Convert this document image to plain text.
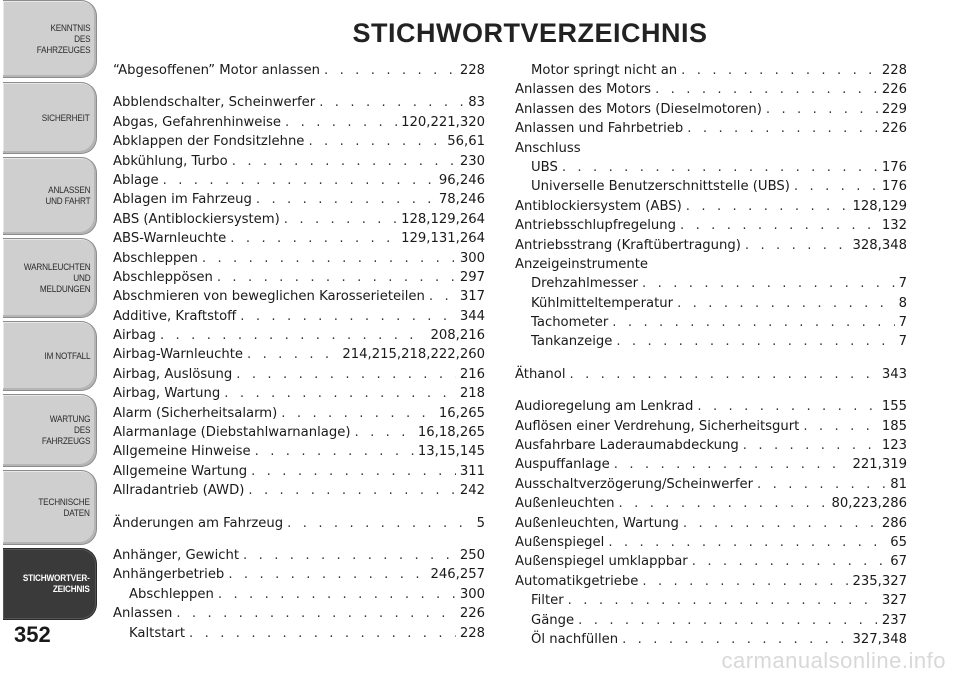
KENNTNIS
DES
FAHRZEUGES
SICHERHEIT
ANLASSEN
UND FAHRT
WARNLEUCHTEN
UND
MELDUNGEN
IM NOTFALL
WARTUNG
DES
FAHRZEUGS
TECHNISCHE
DATEN
STICHWORTVER-
ZEICHNIS
352
STICHWORTVERZEICHNIS
“Abgesoffenen” Motor anlassen . . .	228
Abblendschalter, Scheinwerfer . . .	83
Abgas, Gefahrenhinweise . . .	120,221,320
Abklappen der Fondsitzlehne . . .	56,61
Abkühlung, Turbo . . .	230
Ablage . . .	96,246
Ablagen im Fahrzeug . . .	78,246
ABS (Antiblockiersystem) . . .	128,129,264
ABS-Warnleuchte . . .	129,131,264
Abschleppen . . .	300
Abschleppösen . . .	297
Abschmieren von beweglichen Karosserieteilen . . .	317
Additive, Kraftstoff . . .	344
Airbag . . .	208,216
Airbag-Warnleuchte . . .	214,215,218,222,260
Airbag, Auslösung . . .	216
Airbag, Wartung . . .	218
Alarm (Sicherheitsalarm) . . .	16,265
Alarmanlage (Diebstahlwarnanlage) . . .	16,18,265
Allgemeine Hinweise . . .	13,15,145
Allgemeine Wartung . . .	311
Allradantrieb (AWD) . . .	242
Änderungen am Fahrzeug . . .	5
Anhänger, Gewicht . . .	250
Anhängerbetrieb . . .	246,257
Abschleppen . . .	300
Anlassen . . .	226
Kaltstart . . .	228
Motor springt nicht an . . .	228
Anlassen des Motors . . .	226
Anlassen des Motors (Dieselmotoren) . . .	229
Anlassen und Fahrbetrieb . . .	226
Anschluss
UBS . . .	176
Universelle Benutzerschnittstelle (UBS) . . .	176
Antiblockiersystem (ABS) . . .	128,129
Antriebsschlupfregelung . . .	132
Antriebsstrang (Kraftübertragung) . . .	328,348
Anzeigeinstrumente
Drehzahlmesser . . .	7
Kühlmitteltemperatur . . .	8
Tachometer . . .	7
Tankanzeige . . .	7
Äthanol . . .	343
Audioregelung am Lenkrad . . .	155
Auflösen einer Verdrehung, Sicherheitsgurt . . .	185
Ausfahrbare Laderaumabdeckung . . .	123
Auspuffanlage . . .	221,319
Ausschaltverzögerung/Scheinwerfer . . .	81
Außenleuchten . . .	80,223,286
Außenleuchten, Wartung . . .	286
Außenspiegel . . .	65
Außenspiegel umklappbar . . .	67
Automatikgetriebe . . .	235,327
Filter . . .	327
Gänge . . .	237
Öl nachfüllen . . .	327,348
carmanualsonline.info
